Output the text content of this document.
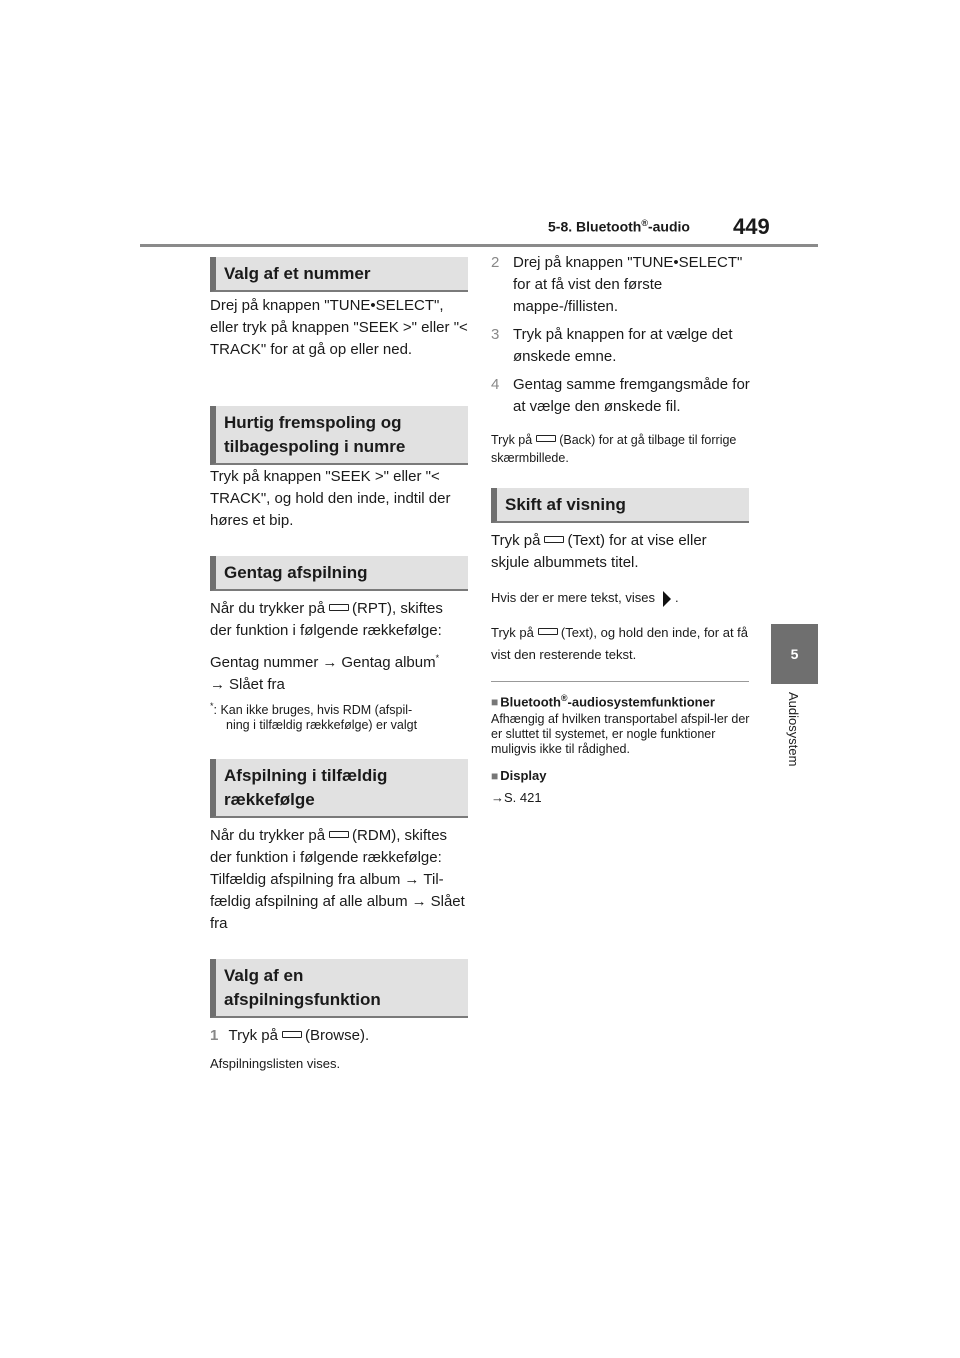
5-8. Bluetooth®-audio 449
5
Audiosystem
Valg af et nummer
Drej på knappen "TUNE•SELECT", eller tryk på knappen "SEEK >" eller "< TRACK" for at gå op eller ned.
Hurtig fremspoling og tilbagespoling i numre
Tryk på knappen "SEEK >" eller "< TRACK", og hold den inde, indtil der høres et bip.
Gentag afspilning
Når du trykker på (RPT), skiftes der funktion i følgende rækkefølge:
Gentag nummer → Gentag album*
→ Slået fra
*: Kan ikke bruges, hvis RDM (afspil-
ning i tilfældig rækkefølge) er valgt
Afspilning i tilfældig rækkefølge
Når du trykker på (RDM), skiftes der funktion i følgende rækkefølge:
Tilfældig afspilning fra album → Til-fældig afspilning af alle album → Slået fra
Valg af en afspilningsfunktion
1 Tryk på (Browse).
Afspilningslisten vises.
2 Drej på knappen "TUNE•SELECT" for at få vist den første mappe-/fillisten.
3 Tryk på knappen for at vælge det ønskede emne.
4 Gentag samme fremgangsmåde for at vælge den ønskede fil.
Tryk på (Back) for at gå tilbage til forrige skærmbillede.
Skift af visning
Tryk på (Text) for at vise eller skjule albummets titel.
Hvis der er mere tekst, vises .
Tryk på (Text), og hold den inde, for at få vist den resterende tekst.
■ Bluetooth®-audiosystemfunktioner
Afhængig af hvilken transportabel afspil-ler der er sluttet til systemet, er nogle funktioner muligvis ikke til rådighed.
■ Display
→S. 421
